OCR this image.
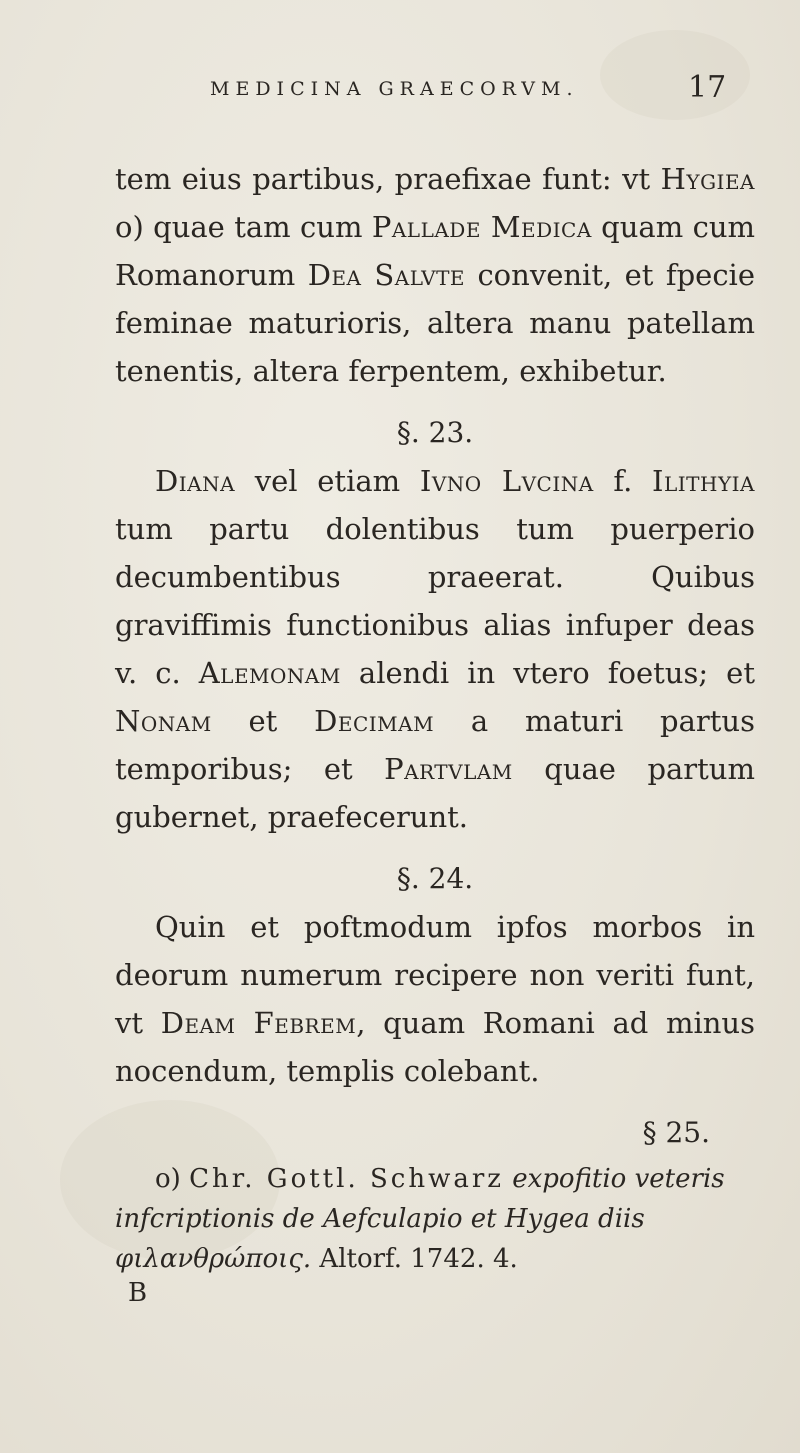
MEDICINA GRAECORVM.	17

tem eius partibus, praefixae funt: vt Hygiea o) quae tam cum Pallade Medica quam cum Romanorum Dea Salvte convenit, et fpecie feminae maturioris, altera manu patellam tenentis, altera ferpentem, exhibetur.

§. 23.

Diana vel etiam Ivno Lvcina f. Ilithyia tum partu dolentibus tum puerperio decumbentibus praeerat. Quibus graviffimis functionibus alias infuper deas v. c. Alemonam alendi in vtero foetus; et Nonam et Decimam a maturi partus temporibus; et Partvlam quae partum gubernet, praefecerunt.

§. 24.

Quin et poftmodum ipfos morbos in deorum numerum recipere non veriti funt, vt Deam Febrem, quam Romani ad minus nocendum, templis colebant.

§ 25.

o) Chr. Gottl. Schwarz expofitio veteris infcriptionis de Aefculapio et Hygea diis φιλανθρώποις. Altorf. 1742. 4.

B
